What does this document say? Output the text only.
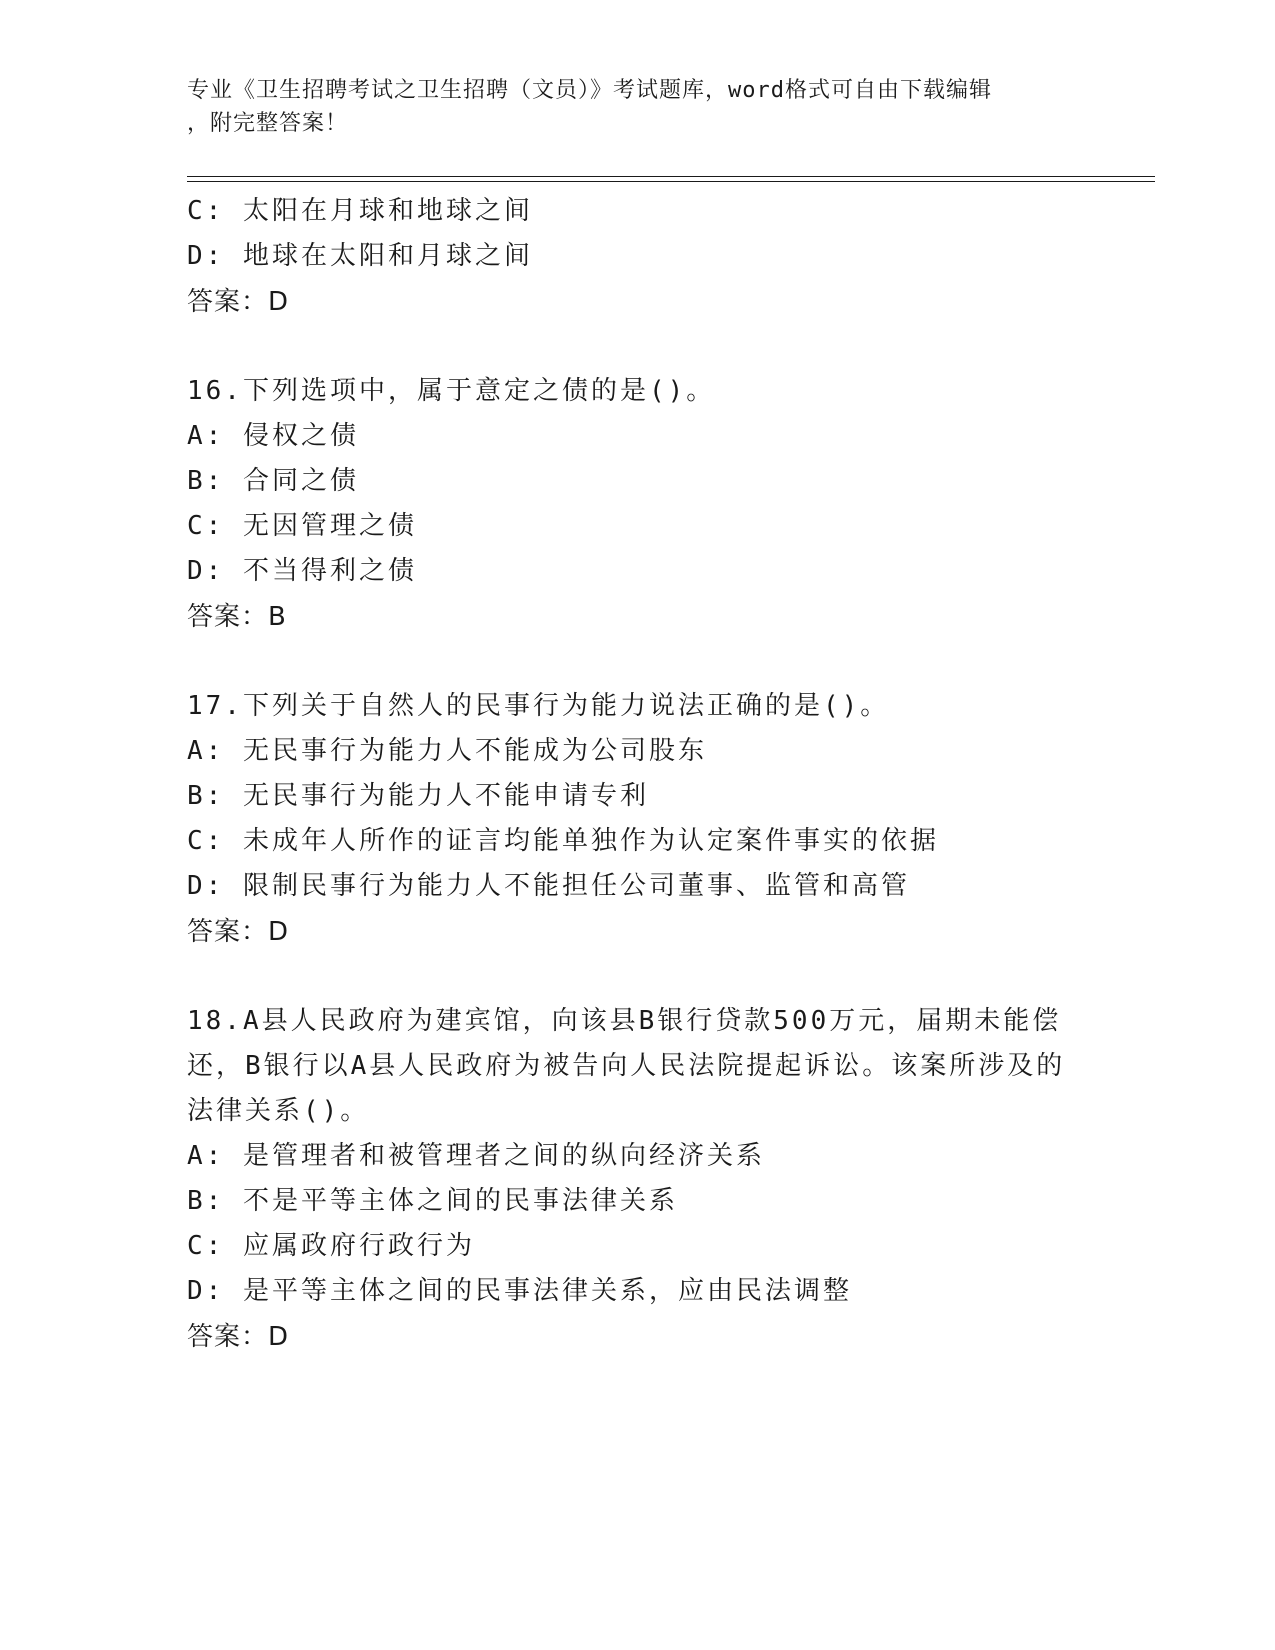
专业《卫生招聘考试之卫生招聘（文员）》考试题库，word格式可自由下载编辑
，附完整答案！
C: 太阳在月球和地球之间
D: 地球在太阳和月球之间
答案：D
16.下列选项中，属于意定之债的是()。
A: 侵权之债
B: 合同之债
C: 无因管理之债
D: 不当得利之债
答案：B
17.下列关于自然人的民事行为能力说法正确的是()。
A: 无民事行为能力人不能成为公司股东
B: 无民事行为能力人不能申请专利
C: 未成年人所作的证言均能单独作为认定案件事实的依据
D: 限制民事行为能力人不能担任公司董事、监管和高管
答案：D
18.A县人民政府为建宾馆，向该县B银行贷款500万元，届期未能偿
还，B银行以A县人民政府为被告向人民法院提起诉讼。该案所涉及的
法律关系()。
A: 是管理者和被管理者之间的纵向经济关系
B: 不是平等主体之间的民事法律关系
C: 应属政府行政行为
D: 是平等主体之间的民事法律关系，应由民法调整
答案：D
